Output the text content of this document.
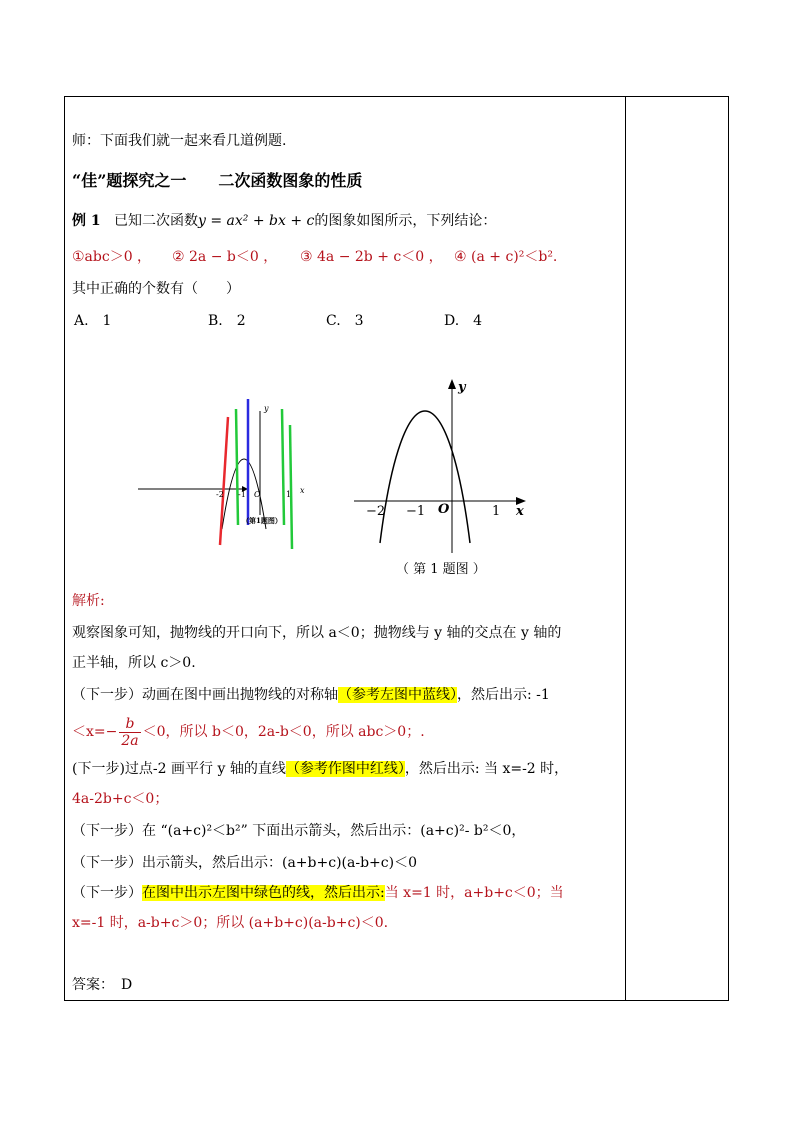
师：下面我们就一起来看几道例题.
“佳”题探究之一 二次函数图象的性质
例 1 已知二次函数y = ax² + bx + c的图象如图所示，下列结论：
①abc＞0 ， ② 2a − b＜0 ， ③ 4a − 2b + c＜0 ， ④ (a + c)²＜b².
其中正确的个数有（　　）
A.　1	B.　2	C.　3	D.　4
-2 -1 O	1 x
y
（第1题图）
−2 −1 O	1 x
y
（ 第 1 题图 ）
解析:
观察图象可知，抛物线的开口向下，所以 a＜0；抛物线与 y 轴的交点在 y 轴的
正半轴，所以 c＞0.
（下一步）动画在图中画出抛物线的对称轴（参考左图中蓝线），然后出示: -1
$<x=- \frac{b}{2a} <0$，所以 b＜0，2a-b＜0，所以 abc＞0；.
(下一步)过点-2 画平行 y 轴的直线（参考作图中红线），然后出示: 当 x=-2 时，
4a-2b+c＜0；
（下一步）在 “(a+c)²＜b²” 下面出示箭头，然后出示：(a+c)²- b²＜0，
（下一步）出示箭头，然后出示：(a+b+c)(a-b+c)＜0
（下一步）在图中出示左图中绿色的线，然后出示:当 x=1 时，a+b+c＜0；当
x=-1 时，a-b+c＞0；所以 (a+b+c)(a-b+c)＜0.
答案：　D
